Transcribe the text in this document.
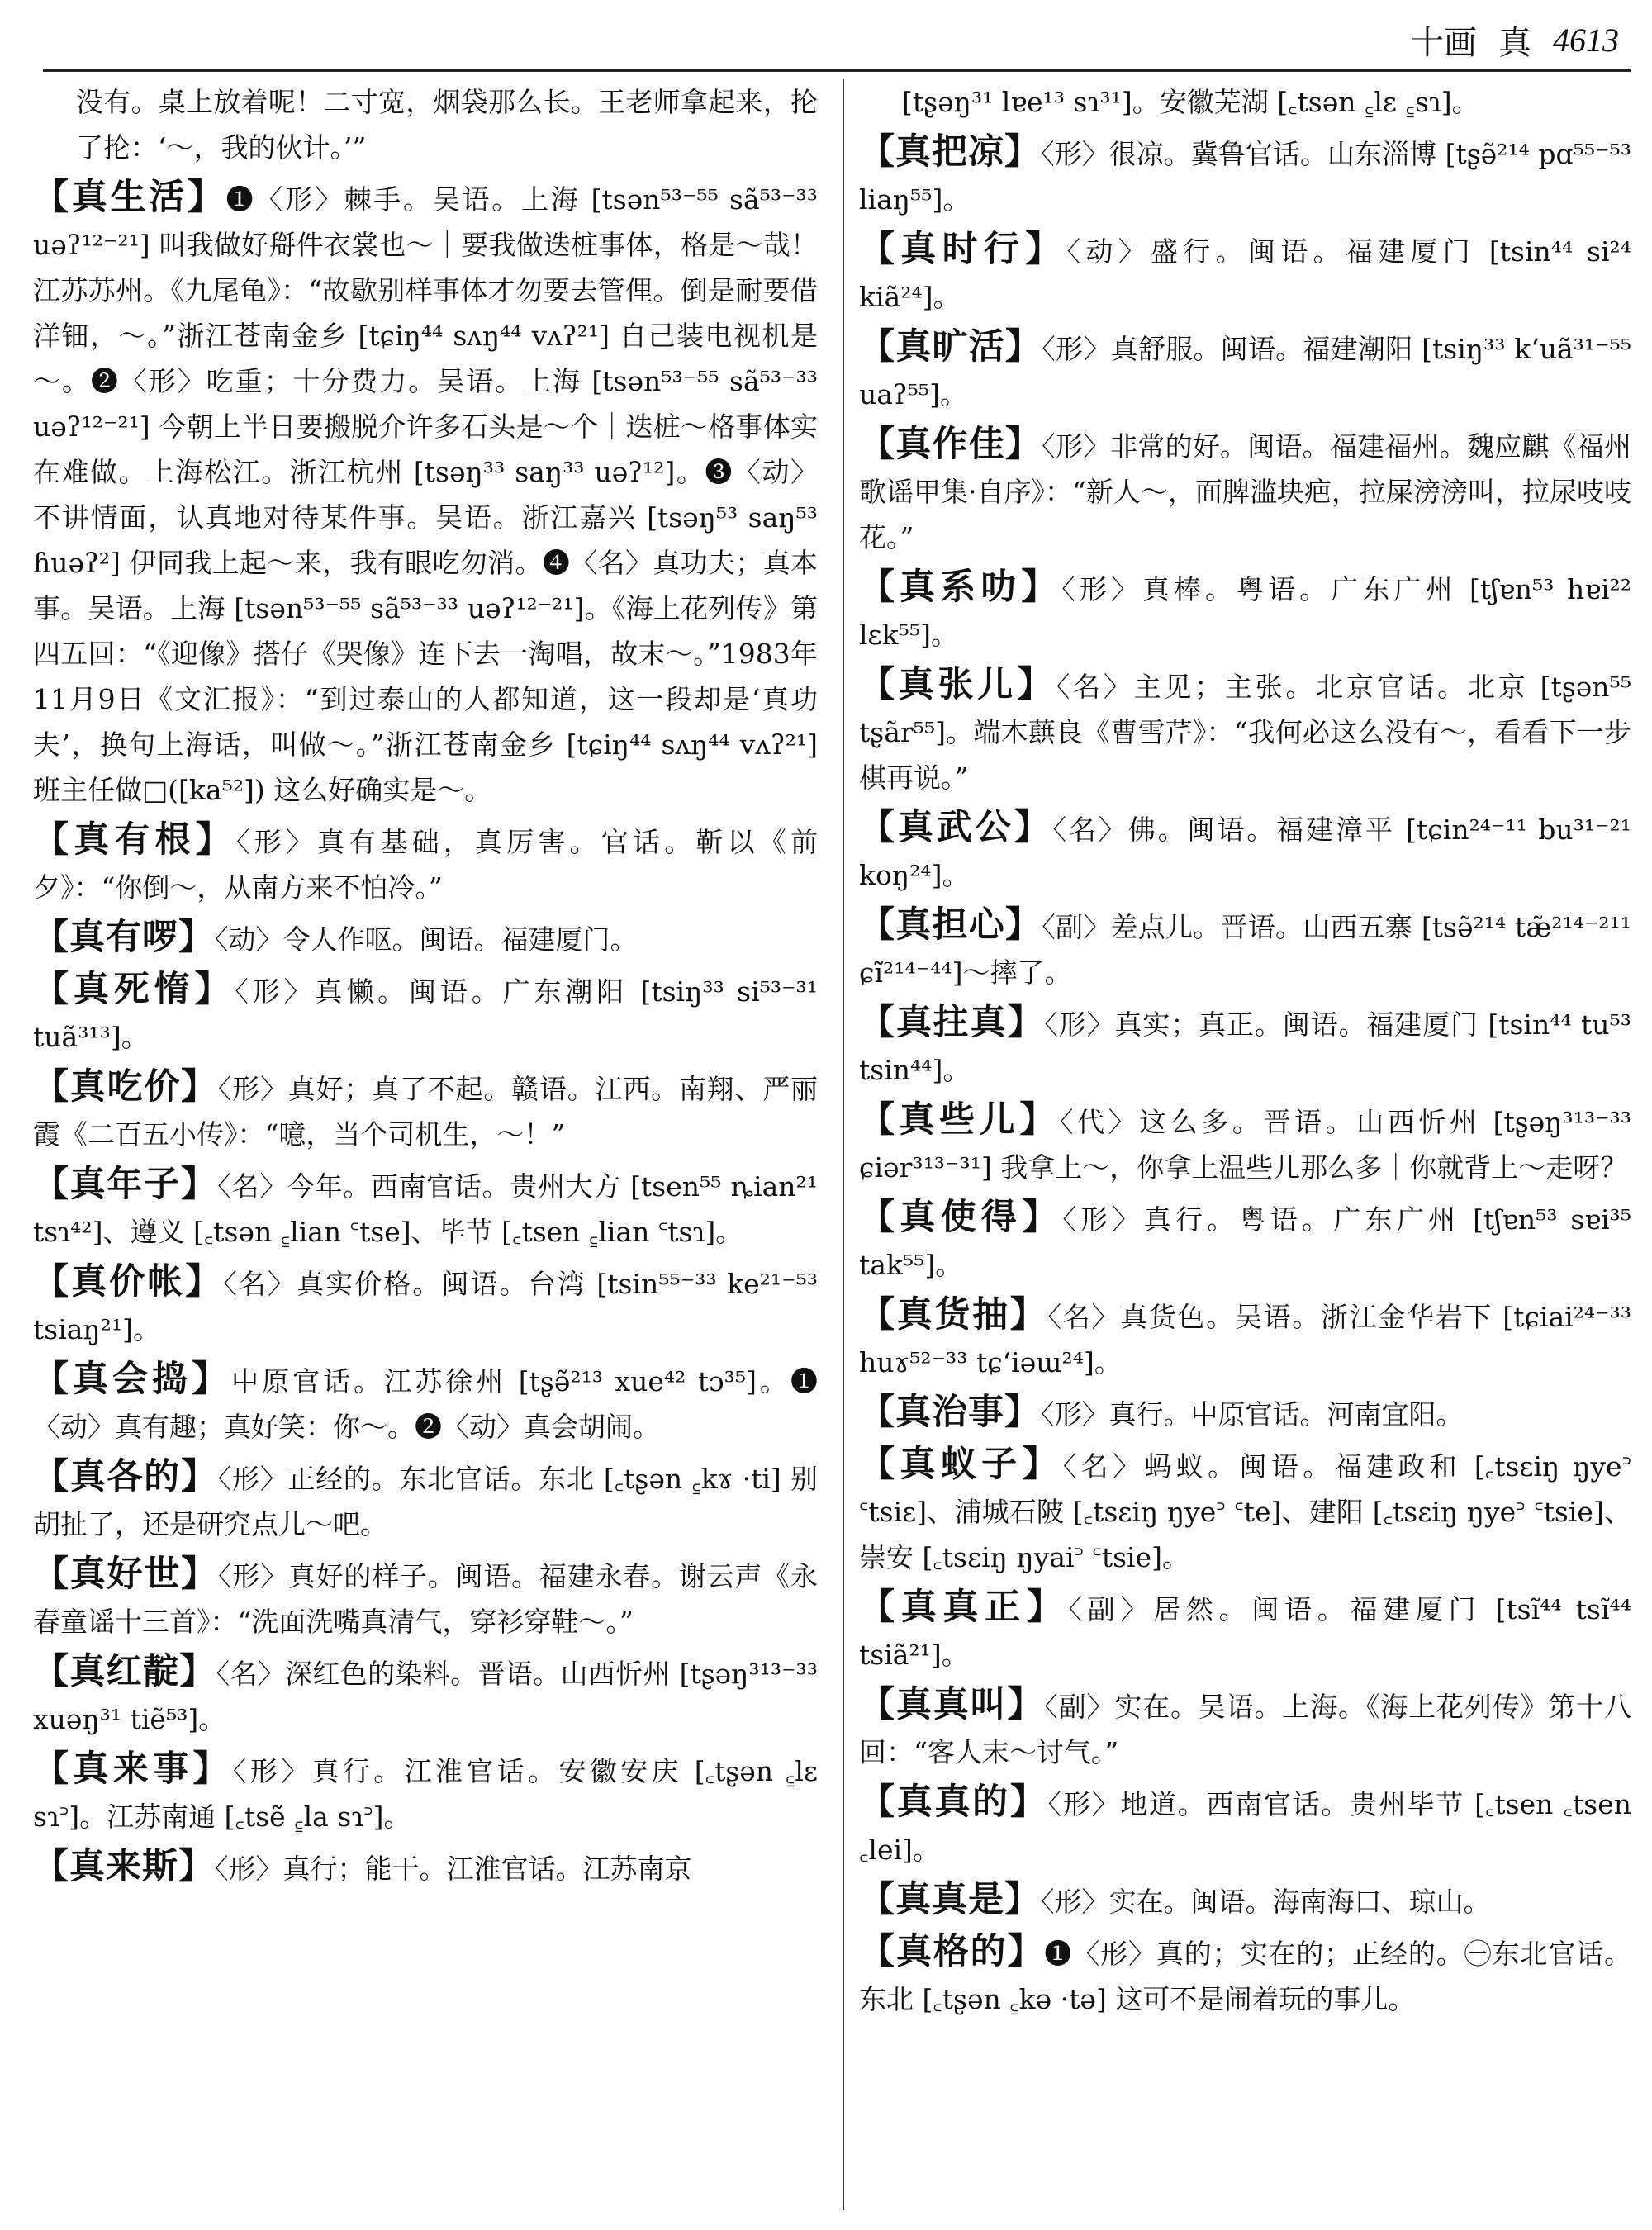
十画 真 4613
没有。桌上放着呢！二寸宽，烟袋那么长。王老师拿起来，抡了抡：‘～，我的伙计。’”
【真生活】❶〈形〉棘手。吴语。上海 [tsən⁵³⁻⁵⁵ sã⁵³⁻³³ uəʔ¹²⁻²¹] 叫我做好搿件衣裳也～｜要我做迭桩事体，格是～哉！江苏苏州。《九尾龟》：“故歇别样事体才勿要去管俚。倒是耐要借洋钿，～。”浙江苍南金乡 [tɕiŋ⁴⁴ sʌŋ⁴⁴ vʌʔ²¹] 自己装电视机是～。❷〈形〉吃重；十分费力。吴语。上海 [tsən⁵³⁻⁵⁵ sã⁵³⁻³³ uəʔ¹²⁻²¹] 今朝上半日要搬脱介许多石头是～个｜迭桩～格事体实在难做。上海松江。浙江杭州 [tsəŋ³³ saŋ³³ uəʔ¹²]。❸〈动〉不讲情面，认真地对待某件事。吴语。浙江嘉兴 [tsəŋ⁵³ saŋ⁵³ ɦuəʔ²] 伊同我上起～来，我有眼吃勿消。❹〈名〉真功夫；真本事。吴语。上海 [tsən⁵³⁻⁵⁵ sã⁵³⁻³³ uəʔ¹²⁻²¹]。《海上花列传》第四五回：“《迎像》搭仔《哭像》连下去一淘唱，故末～。”1983年11月9日《文汇报》：“到过泰山的人都知道，这一段却是‘真功夫’，换句上海话，叫做～。”浙江苍南金乡 [tɕiŋ⁴⁴ sʌŋ⁴⁴ vʌʔ²¹] 班主任做□([ka⁵²]) 这么好确实是～。
【真有根】〈形〉真有基础，真厉害。官话。靳以《前夕》：“你倒～，从南方来不怕冷。”
【真有啰】〈动〉令人作呕。闽语。福建厦门。
【真死惰】〈形〉真懒。闽语。广东潮阳 [tsiŋ³³ si⁵³⁻³¹ tuã³¹³]。
【真吃价】〈形〉真好；真了不起。赣语。江西。南翔、严丽霞《二百五小传》：“噫，当个司机生，～！”
【真年子】〈名〉今年。西南官话。贵州大方 [tsen⁵⁵ ȵian²¹ tsɿ⁴²]、遵义 [꜀tsən ꜁lian ꜂tse]、毕节 [꜀tsen ꜁lian ꜂tsɿ]。
【真价帐】〈名〉真实价格。闽语。台湾 [tsin⁵⁵⁻³³ ke²¹⁻⁵³ tsiaŋ²¹]。
【真会捣】中原官话。江苏徐州 [tʂə̃²¹³ xue⁴² tɔ³⁵]。❶〈动〉真有趣；真好笑：你～。❷〈动〉真会胡闹。
【真各的】〈形〉正经的。东北官话。东北 [꜀tʂən ꜁kɤ ·ti] 别胡扯了，还是研究点儿～吧。
【真好世】〈形〉真好的样子。闽语。福建永春。谢云声《永春童谣十三首》：“洗面洗嘴真清气，穿衫穿鞋～。”
【真红靛】〈名〉深红色的染料。晋语。山西忻州 [tʂəŋ³¹³⁻³³ xuəŋ³¹ tiẽ⁵³]。
【真来事】〈形〉真行。江淮官话。安徽安庆 [꜀tʂən ꜁lɛ sɿ꜄]。江苏南通 [꜀tsẽ ꜁la sɿ꜄]。
【真来斯】〈形〉真行；能干。江淮官话。江苏南京
[tʂəŋ³¹ lɐe¹³ sɿ³¹]。安徽芜湖 [꜀tsən ꜁lɛ ꜁sɿ]。
【真把凉】〈形〉很凉。冀鲁官话。山东淄博 [tʂə̃²¹⁴ pɑ⁵⁵⁻⁵³ liaŋ⁵⁵]。
【真时行】〈动〉盛行。闽语。福建厦门 [tsin⁴⁴ si²⁴ kiã²⁴]。
【真旷活】〈形〉真舒服。闽语。福建潮阳 [tsiŋ³³ kʻuã³¹⁻⁵⁵ uaʔ⁵⁵]。
【真作佳】〈形〉非常的好。闽语。福建福州。魏应麒《福州歌谣甲集·自序》：“新人～，面脾滥块疤，拉屎滂滂叫，拉尿吱吱花。”
【真系叻】〈形〉真棒。粤语。广东广州 [tʃɐn⁵³ hɐi²² lɛk⁵⁵]。
【真张儿】〈名〉主见；主张。北京官话。北京 [tʂən⁵⁵ tʂãr⁵⁵]。端木蕻良《曹雪芹》：“我何必这么没有～，看看下一步棋再说。”
【真武公】〈名〉佛。闽语。福建漳平 [tɕin²⁴⁻¹¹ bu³¹⁻²¹ koŋ²⁴]。
【真担心】〈副〉差点儿。晋语。山西五寨 [tsə̃²¹⁴ tæ̃²¹⁴⁻²¹¹ ɕĩ²¹⁴⁻⁴⁴]～摔了。
【真拄真】〈形〉真实；真正。闽语。福建厦门 [tsin⁴⁴ tu⁵³ tsin⁴⁴]。
【真些儿】〈代〉这么多。晋语。山西忻州 [tʂəŋ³¹³⁻³³ ɕiər³¹³⁻³¹] 我拿上～，你拿上温些儿那么多｜你就背上～走呀？
【真使得】〈形〉真行。粤语。广东广州 [tʃɐn⁵³ sɐi³⁵ tak⁵⁵]。
【真货抽】〈名〉真货色。吴语。浙江金华岩下 [tɕiai²⁴⁻³³ huɤ⁵²⁻³³ tɕʻiəɯ²⁴]。
【真治事】〈形〉真行。中原官话。河南宜阳。
【真蚁子】〈名〉蚂蚁。闽语。福建政和 [꜀tsɛiŋ ŋye꜄ ꜂tsiɛ]、浦城石陂 [꜀tsɛiŋ ŋye꜄ ꜂te]、建阳 [꜀tsɛiŋ ŋye꜄ ꜂tsie]、崇安 [꜀tsɛiŋ ŋyai꜄ ꜂tsie]。
【真真正】〈副〉居然。闽语。福建厦门 [tsĩ⁴⁴ tsĩ⁴⁴ tsiã²¹]。
【真真叫】〈副〉实在。吴语。上海。《海上花列传》第十八回：“客人末～讨气。”
【真真的】〈形〉地道。西南官话。贵州毕节 [꜀tsen ꜀tsen ꜀lei]。
【真真是】〈形〉实在。闽语。海南海口、琼山。
【真格的】❶〈形〉真的；实在的；正经的。㊀东北官话。东北 [꜀tʂən ꜁kə ·tə] 这可不是闹着玩的事儿。
